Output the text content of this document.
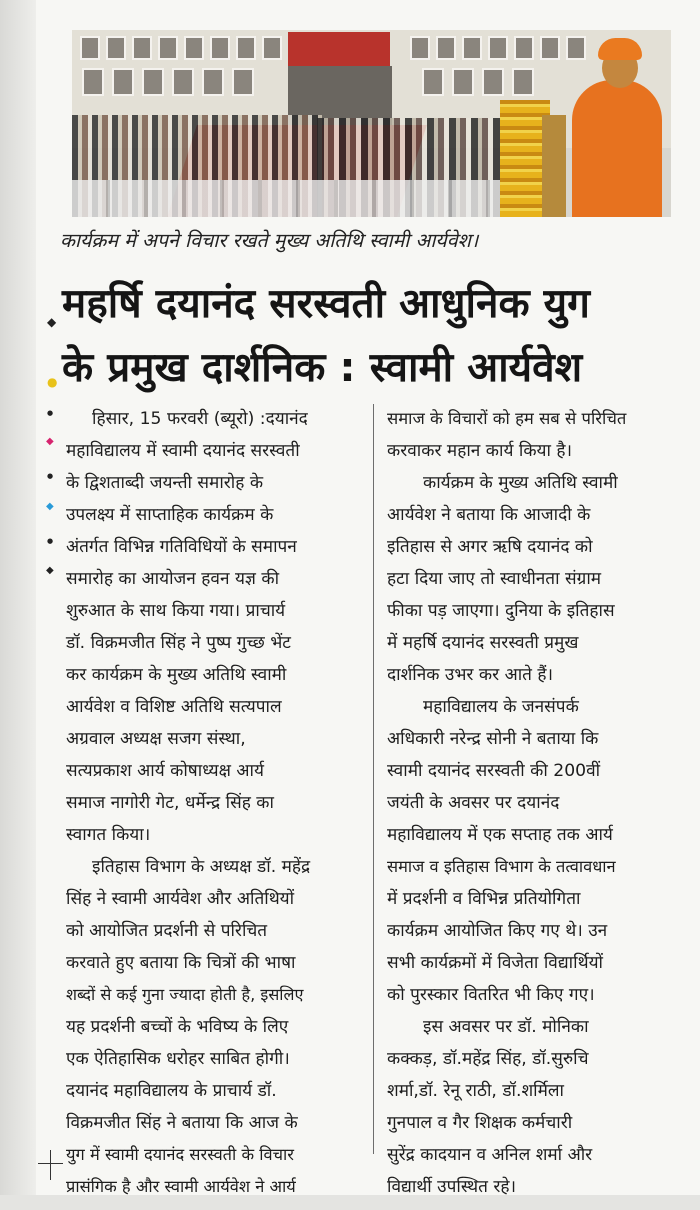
कार्यक्रम में अपने विचार रखते मुख्य अतिथि स्वामी आर्यवेश।
◆
●
महर्षि दयानंद सरस्वती आधुनिक युग
के प्रमुख दार्शनिक : स्वामी आर्यवेश
●
◆
●
◆
●
◆
हिसार, 15 फरवरी (ब्यूरो) :दयानंद
महाविद्यालय में स्वामी दयानंद सरस्वती
के द्विशताब्दी जयन्ती समारोह के
उपलक्ष्य में साप्ताहिक कार्यक्रम के
अंतर्गत विभिन्न गतिविधियों के समापन
समारोह का आयोजन हवन यज्ञ की
शुरुआत के साथ किया गया। प्राचार्य
डॉ. विक्रमजीत सिंह ने पुष्प गुच्छ भेंट
कर कार्यक्रम के मुख्य अतिथि स्वामी
आर्यवेश व विशिष्ट अतिथि सत्यपाल
अग्रवाल अध्यक्ष सजग संस्था,
सत्यप्रकाश आर्य कोषाध्यक्ष आर्य
समाज नागोरी गेट, धर्मेन्द्र सिंह का
स्वागत किया।
इतिहास विभाग के अध्यक्ष डॉ. महेंद्र
सिंह ने स्वामी आर्यवेश और अतिथियों
को आयोजित प्रदर्शनी से परिचित
करवाते हुए बताया कि चित्रों की भाषा
शब्दों से कई गुना ज्यादा होती है, इसलिए
यह प्रदर्शनी बच्चों के भविष्य के लिए
एक ऐतिहासिक धरोहर साबित होगी।
दयानंद महाविद्यालय के प्राचार्य डॉ.
विक्रमजीत सिंह ने बताया कि आज के
युग में स्वामी दयानंद सरस्वती के विचार
प्रासंगिक है और स्वामी आर्यवेश ने आर्य
समाज के विचारों को हम सब से परिचित
करवाकर महान कार्य किया है।
कार्यक्रम के मुख्य अतिथि स्वामी
आर्यवेश ने बताया कि आजादी के
इतिहास से अगर ऋषि दयानंद को
हटा दिया जाए तो स्वाधीनता संग्राम
फीका पड़ जाएगा। दुनिया के इतिहास
में महर्षि दयानंद सरस्वती प्रमुख
दार्शनिक उभर कर आते हैं।
महाविद्यालय के जनसंपर्क
अधिकारी नरेन्द्र सोनी ने बताया कि
स्वामी दयानंद सरस्वती की 200वीं
जयंती के अवसर पर दयानंद
महाविद्यालय में एक सप्ताह तक आर्य
समाज व इतिहास विभाग के तत्वावधान
में प्रदर्शनी व विभिन्न प्रतियोगिता
कार्यक्रम आयोजित किए गए थे। उन
सभी कार्यक्रमों में विजेता विद्यार्थियों
को पुरस्कार वितरित भी किए गए।
इस अवसर पर डॉ. मोनिका
कक्कड़, डॉ.महेंद्र सिंह, डॉ.सुरुचि
शर्मा,डॉ. रेनू राठी, डॉ.शर्मिला
गुनपाल व गैर शिक्षक कर्मचारी
सुरेंद्र कादयान व अनिल शर्मा और
विद्यार्थी उपस्थित रहे।
